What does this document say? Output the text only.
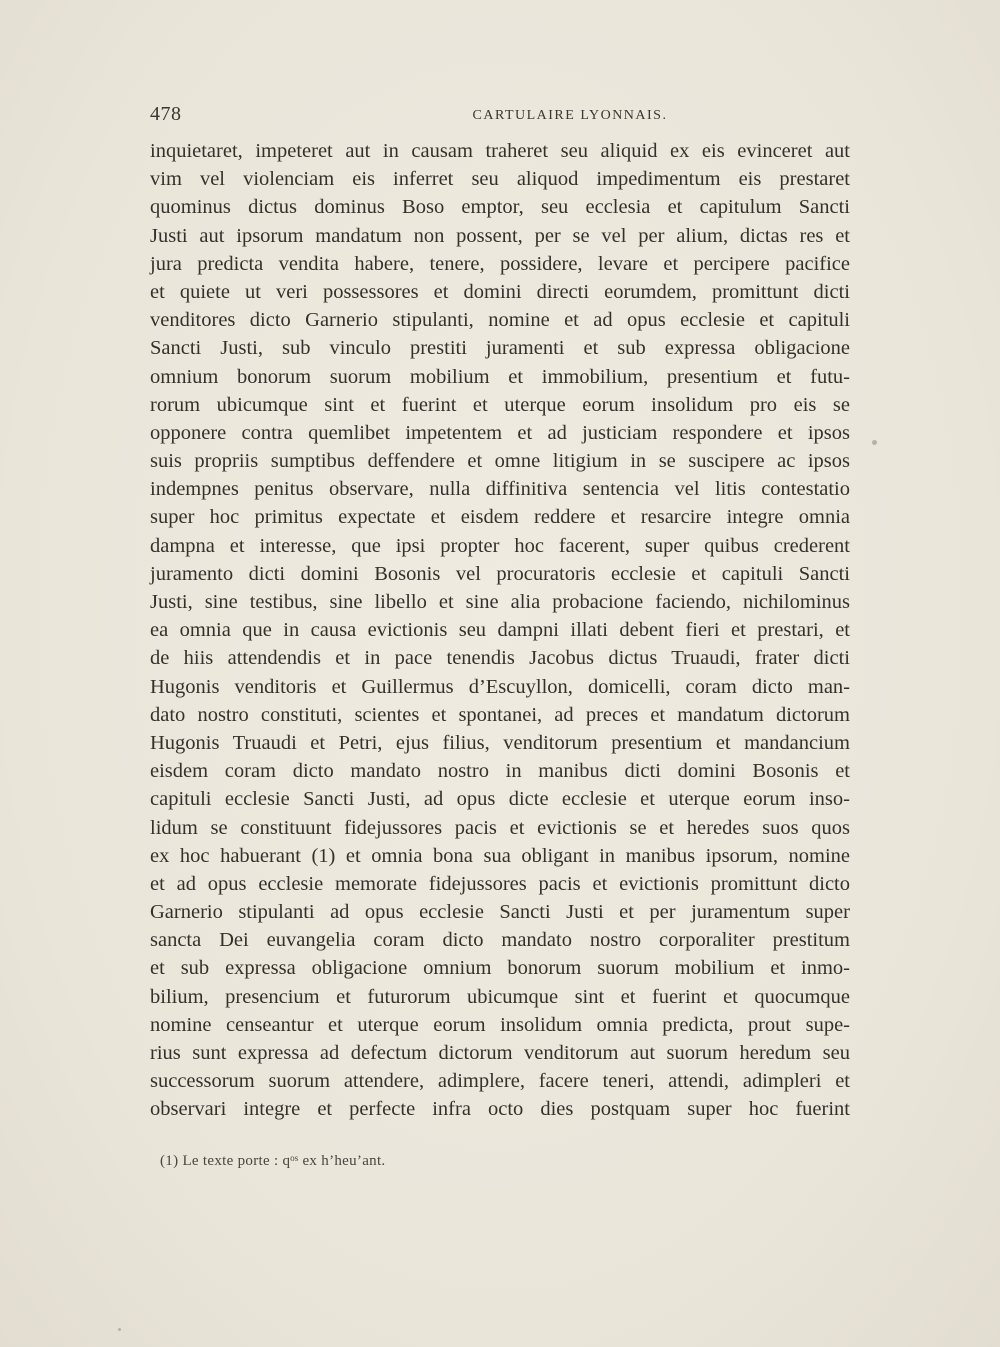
478	CARTULAIRE LYONNAIS.
inquietaret, impeteret aut in causam traheret seu aliquid ex eis evinceret aut
vim vel violenciam eis inferret seu aliquod impedimentum eis prestaret
quominus dictus dominus Boso emptor, seu ecclesia et capitulum Sancti
Justi aut ipsorum mandatum non possent, per se vel per alium, dictas res et
jura predicta vendita habere, tenere, possidere, levare et percipere pacifice
et quiete ut veri possessores et domini directi eorumdem, promittunt dicti
venditores dicto Garnerio stipulanti, nomine et ad opus ecclesie et capituli
Sancti Justi, sub vinculo prestiti juramenti et sub expressa obligacione
omnium bonorum suorum mobilium et immobilium, presentium et futu-
rorum ubicumque sint et fuerint et uterque eorum insolidum pro eis se
opponere contra quemlibet impetentem et ad justiciam respondere et ipsos
suis propriis sumptibus deffendere et omne litigium in se suscipere ac ipsos
indempnes penitus observare, nulla diffinitiva sentencia vel litis contestatio
super hoc primitus expectate et eisdem reddere et resarcire integre omnia
dampna et interesse, que ipsi propter hoc facerent, super quibus crederent
juramento dicti domini Bosonis vel procuratoris ecclesie et capituli Sancti
Justi, sine testibus, sine libello et sine alia probacione faciendo, nichilominus
ea omnia que in causa evictionis seu dampni illati debent fieri et prestari, et
de hiis attendendis et in pace tenendis Jacobus dictus Truaudi, frater dicti
Hugonis venditoris et Guillermus d’Escuyllon, domicelli, coram dicto man-
dato nostro constituti, scientes et spontanei, ad preces et mandatum dictorum
Hugonis Truaudi et Petri, ejus filius, venditorum presentium et mandancium
eisdem coram dicto mandato nostro in manibus dicti domini Bosonis et
capituli ecclesie Sancti Justi, ad opus dicte ecclesie et uterque eorum inso-
lidum se constituunt fidejussores pacis et evictionis se et heredes suos quos
ex hoc habuerant (1) et omnia bona sua obligant in manibus ipsorum, nomine
et ad opus ecclesie memorate fidejussores pacis et evictionis promittunt dicto
Garnerio stipulanti ad opus ecclesie Sancti Justi et per juramentum super
sancta Dei euvangelia coram dicto mandato nostro corporaliter prestitum
et sub expressa obligacione omnium bonorum suorum mobilium et inmo-
bilium, presencium et futurorum ubicumque sint et fuerint et quocumque
nomine censeantur et uterque eorum insolidum omnia predicta, prout supe-
rius sunt expressa ad defectum dictorum venditorum aut suorum heredum seu
successorum suorum attendere, adimplere, facere teneri, attendi, adimpleri et
observari integre et perfecte infra octo dies postquam super hoc fuerint
(1) Le texte porte : qᵒˢ ex h’heu’ant.
